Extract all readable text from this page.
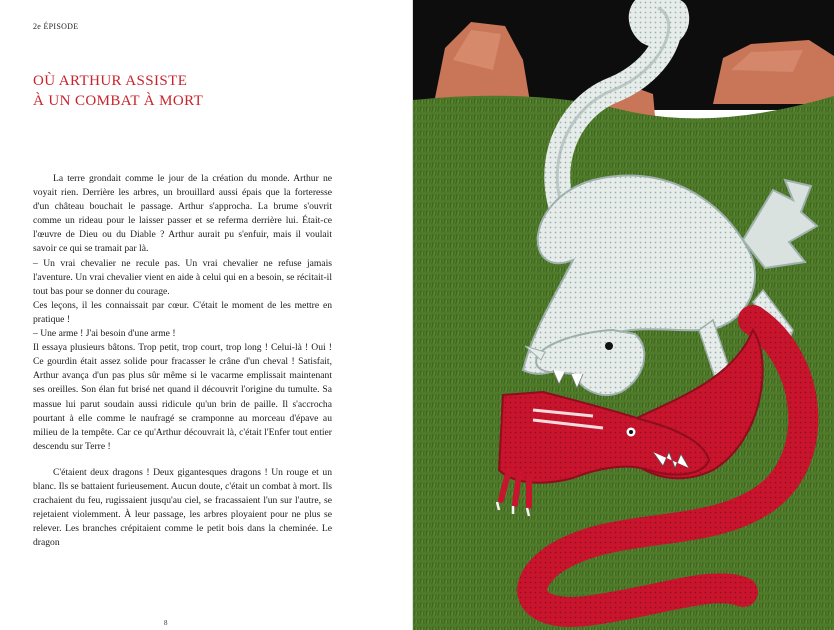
2e ÉPISODE
OÙ ARTHUR ASSISTE
À UN COMBAT À MORT

La terre grondait comme le jour de la création du monde. Arthur ne voyait rien. Derrière les arbres, un brouillard aussi épais que la forteresse d'un château bouchait le passage. Arthur s'approcha. La brume s'ouvrit comme un rideau pour le laisser passer et se referma derrière lui. Était-ce l'œuvre de Dieu ou du Diable ? Arthur aurait pu s'enfuir, mais il voulait savoir ce qui se tramait par là.

– Un vrai chevalier ne recule pas. Un vrai chevalier ne refuse jamais l'aventure. Un vrai chevalier vient en aide à celui qui en a besoin, se récitait-il tout bas pour se donner du courage.

Ces leçons, il les connaissait par cœur. C'était le moment de les mettre en pratique !

– Une arme ! J'ai besoin d'une arme !

Il essaya plusieurs bâtons. Trop petit, trop court, trop long ! Celui-là ! Oui ! Ce gourdin était assez solide pour fracasser le crâne d'un cheval ! Satisfait, Arthur avança d'un pas plus sûr même si le vacarme emplissait maintenant ses oreilles. Son élan fut brisé net quand il découvrit l'origine du tumulte. Sa massue lui parut soudain aussi ridicule qu'un brin de paille. Il s'accrocha pourtant à elle comme le naufragé se cramponne au morceau d'épave au milieu de la tempête. Car ce qu'Arthur découvrait là, c'était l'Enfer tout entier descendu sur Terre !

C'étaient deux dragons ! Deux gigantesques dragons ! Un rouge et un blanc. Ils se battaient furieusement. Aucun doute, c'était un combat à mort. Ils crachaient du feu, rugissaient jusqu'au ciel, se fracassaient l'un sur l'autre, se rejetaient violemment. À leur passage, les arbres ployaient pour ne plus se relever. Les branches crépitaient comme le petit bois dans la cheminée. Le dragon

8
